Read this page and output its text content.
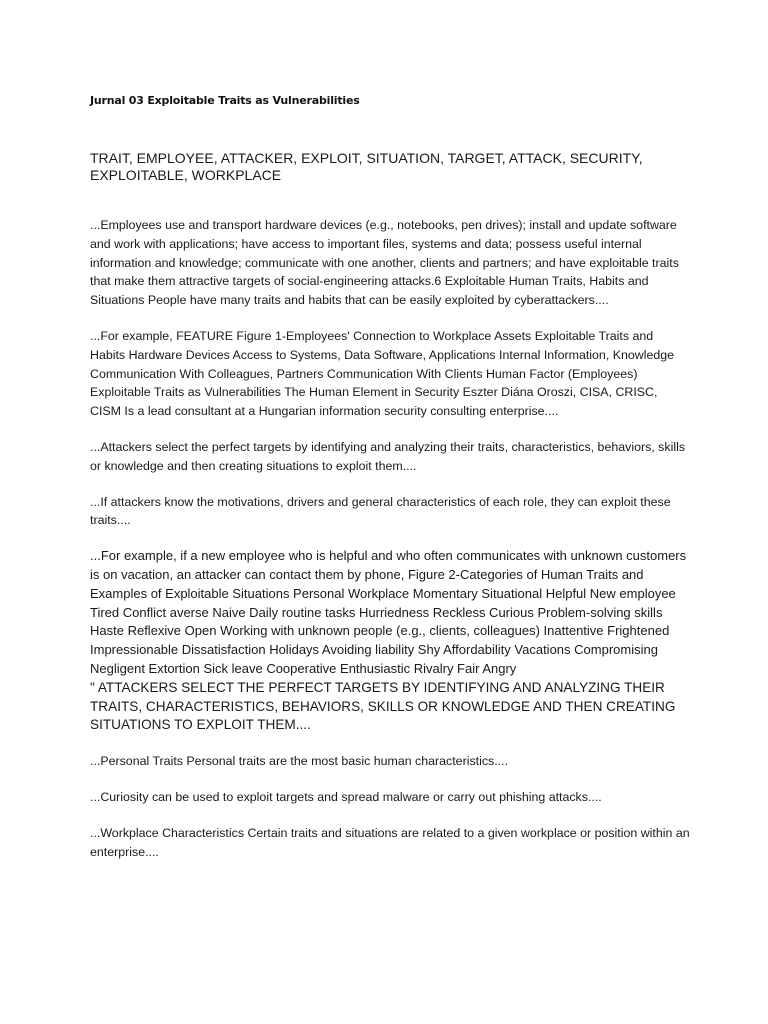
Jurnal 03 Exploitable Traits as Vulnerabilities

TRAIT, EMPLOYEE, ATTACKER, EXPLOIT, SITUATION, TARGET, ATTACK, SECURITY, EXPLOITABLE, WORKPLACE

...Employees use and transport hardware devices (e.g., notebooks, pen drives); install and update software and work with applications; have access to important files, systems and data; possess useful internal information and knowledge; communicate with one another, clients and partners; and have exploitable traits that make them attractive targets of social-engineering attacks.6 Exploitable Human Traits, Habits and Situations People have many traits and habits that can be easily exploited by cyberattackers....

...For example, FEATURE Figure 1-Employees' Connection to Workplace Assets Exploitable Traits and Habits Hardware Devices Access to Systems, Data Software, Applications Internal Information, Knowledge Communication With Colleagues, Partners Communication With Clients Human Factor (Employees) Exploitable Traits as Vulnerabilities The Human Element in Security Eszter Diána Oroszi, CISA, CRISC, CISM Is a lead consultant at a Hungarian information security consulting enterprise....

...Attackers select the perfect targets by identifying and analyzing their traits, characteristics, behaviors, skills or knowledge and then creating situations to exploit them....

...If attackers know the motivations, drivers and general characteristics of each role, they can exploit these traits....

...For example, if a new employee who is helpful and who often communicates with unknown customers is on vacation, an attacker can contact them by phone, Figure 2-Categories of Human Traits and Examples of Exploitable Situations Personal Workplace Momentary Situational Helpful New employee Tired Conflict averse Naive Daily routine tasks Hurriedness Reckless Curious Problem-solving skills Haste Reflexive Open Working with unknown people (e.g., clients, colleagues) Inattentive Frightened Impressionable Dissatisfaction Holidays Avoiding liability Shy Affordability Vacations Compromising Negligent Extortion Sick leave Cooperative Enthusiastic Rivalry Fair Angry
" ATTACKERS SELECT THE PERFECT TARGETS BY IDENTIFYING AND ANALYZING THEIR TRAITS, CHARACTERISTICS, BEHAVIORS, SKILLS OR KNOWLEDGE AND THEN CREATING SITUATIONS TO EXPLOIT THEM....

...Personal Traits Personal traits are the most basic human characteristics....

...Curiosity can be used to exploit targets and spread malware or carry out phishing attacks....

...Workplace Characteristics Certain traits and situations are related to a given workplace or position within an enterprise....
